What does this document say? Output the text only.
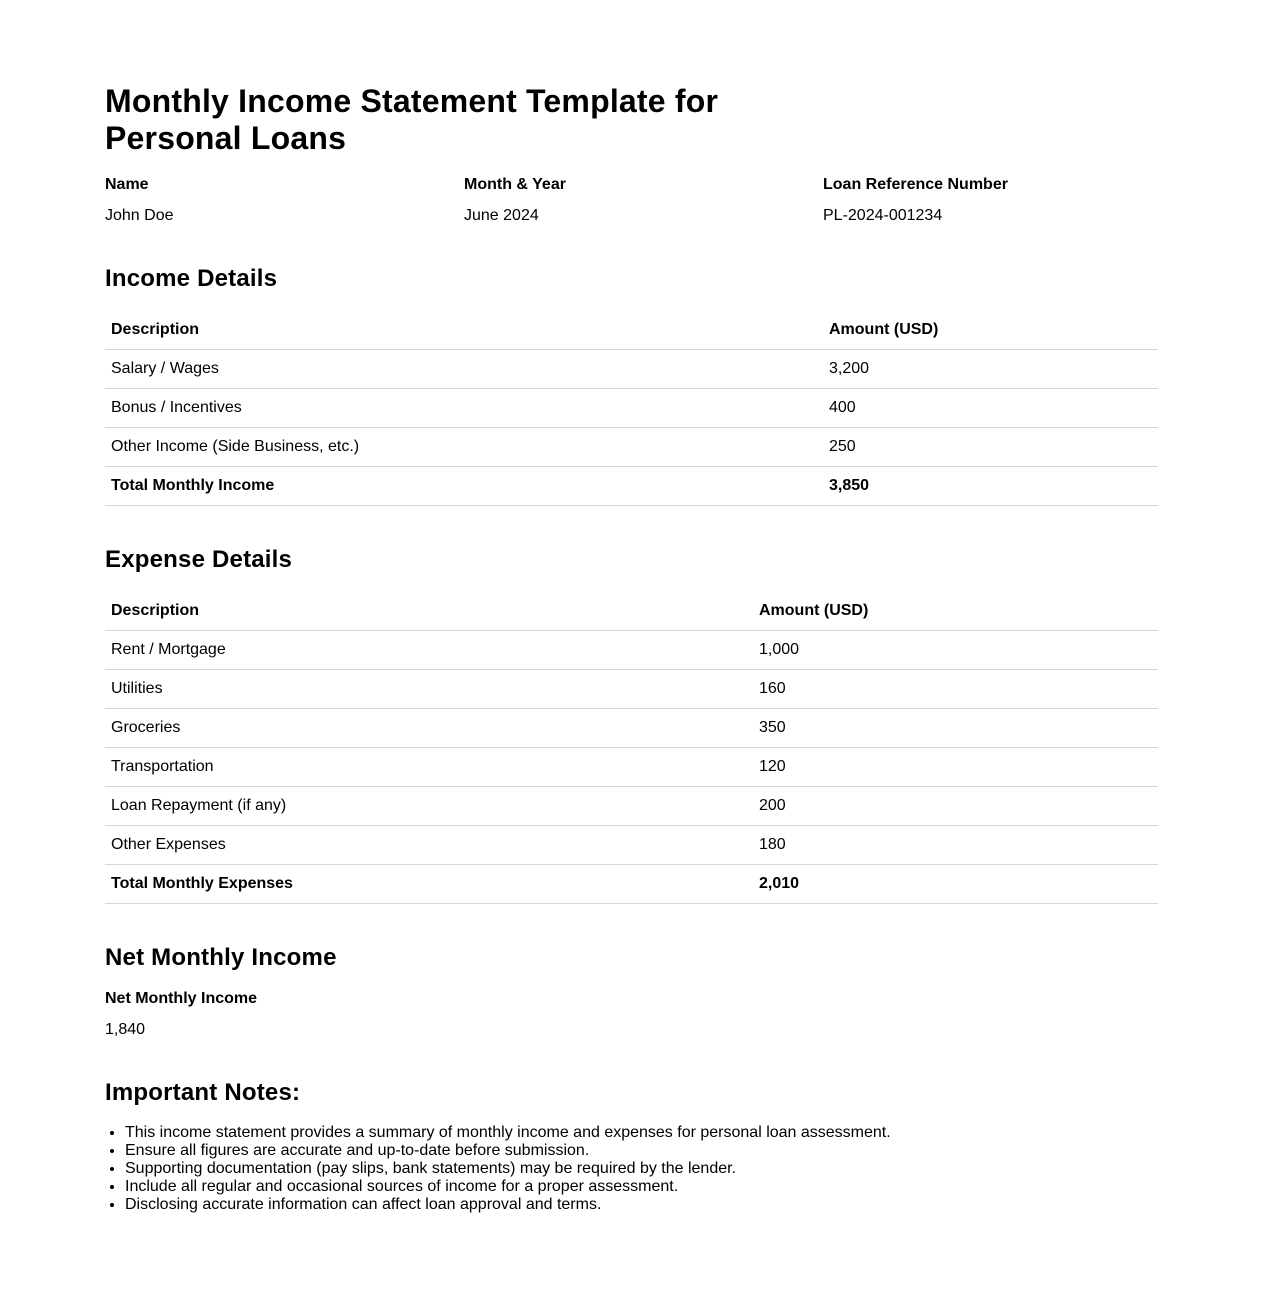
Monthly Income Statement Template for Personal Loans
Name
John Doe
Month & Year
June 2024
Loan Reference Number
PL-2024-001234
Income Details
Description	Amount (USD)
Salary / Wages	3,200
Bonus / Incentives	400
Other Income (Side Business, etc.)	250
Total Monthly Income	3,850
Expense Details
Description	Amount (USD)
Rent / Mortgage	1,000
Utilities	160
Groceries	350
Transportation	120
Loan Repayment (if any)	200
Other Expenses	180
Total Monthly Expenses	2,010
Net Monthly Income
Net Monthly Income
1,840
Important Notes:
• This income statement provides a summary of monthly income and expenses for personal loan assessment.
• Ensure all figures are accurate and up-to-date before submission.
• Supporting documentation (pay slips, bank statements) may be required by the lender.
• Include all regular and occasional sources of income for a proper assessment.
• Disclosing accurate information can affect loan approval and terms.
